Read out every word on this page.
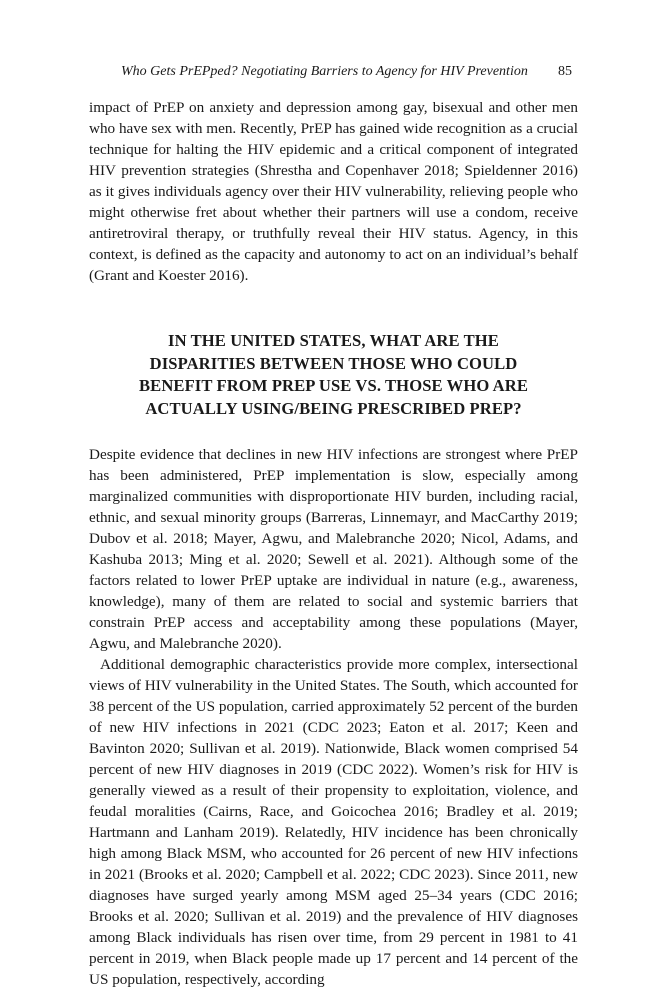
Who Gets PrEPped? Negotiating Barriers to Agency for HIV Prevention 85

impact of PrEP on anxiety and depression among gay, bisexual and other men who have sex with men. Recently, PrEP has gained wide recognition as a crucial technique for halting the HIV epidemic and a critical component of integrated HIV prevention strategies (Shrestha and Copenhaver 2018; Spieldenner 2016) as it gives individuals agency over their HIV vulnerability, relieving people who might otherwise fret about whether their partners will use a condom, receive antiretroviral therapy, or truthfully reveal their HIV status. Agency, in this context, is defined as the capacity and autonomy to act on an individual’s behalf (Grant and Koester 2016).

IN THE UNITED STATES, WHAT ARE THE DISPARITIES BETWEEN THOSE WHO COULD BENEFIT FROM PREP USE VS. THOSE WHO ARE ACTUALLY USING/BEING PRESCRIBED PREP?

Despite evidence that declines in new HIV infections are strongest where PrEP has been administered, PrEP implementation is slow, especially among marginalized communities with disproportionate HIV burden, including racial, ethnic, and sexual minority groups (Barreras, Linnemayr, and MacCarthy 2019; Dubov et al. 2018; Mayer, Agwu, and Malebranche 2020; Nicol, Adams, and Kashuba 2013; Ming et al. 2020; Sewell et al. 2021). Although some of the factors related to lower PrEP uptake are individual in nature (e.g., awareness, knowledge), many of them are related to social and systemic barriers that constrain PrEP access and acceptability among these populations (Mayer, Agwu, and Malebranche 2020).

Additional demographic characteristics provide more complex, intersectional views of HIV vulnerability in the United States. The South, which accounted for 38 percent of the US population, carried approximately 52 percent of the burden of new HIV infections in 2021 (CDC 2023; Eaton et al. 2017; Keen and Bavinton 2020; Sullivan et al. 2019). Nationwide, Black women comprised 54 percent of new HIV diagnoses in 2019 (CDC 2022). Women’s risk for HIV is generally viewed as a result of their propensity to exploitation, violence, and feudal moralities (Cairns, Race, and Goicochea 2016; Bradley et al. 2019; Hartmann and Lanham 2019). Relatedly, HIV incidence has been chronically high among Black MSM, who accounted for 26 percent of new HIV infections in 2021 (Brooks et al. 2020; Campbell et al. 2022; CDC 2023). Since 2011, new diagnoses have surged yearly among MSM aged 25–34 years (CDC 2016; Brooks et al. 2020; Sullivan et al. 2019) and the prevalence of HIV diagnoses among Black individuals has risen over time, from 29 percent in 1981 to 41 percent in 2019, when Black people made up 17 percent and 14 percent of the US population, respectively, according
